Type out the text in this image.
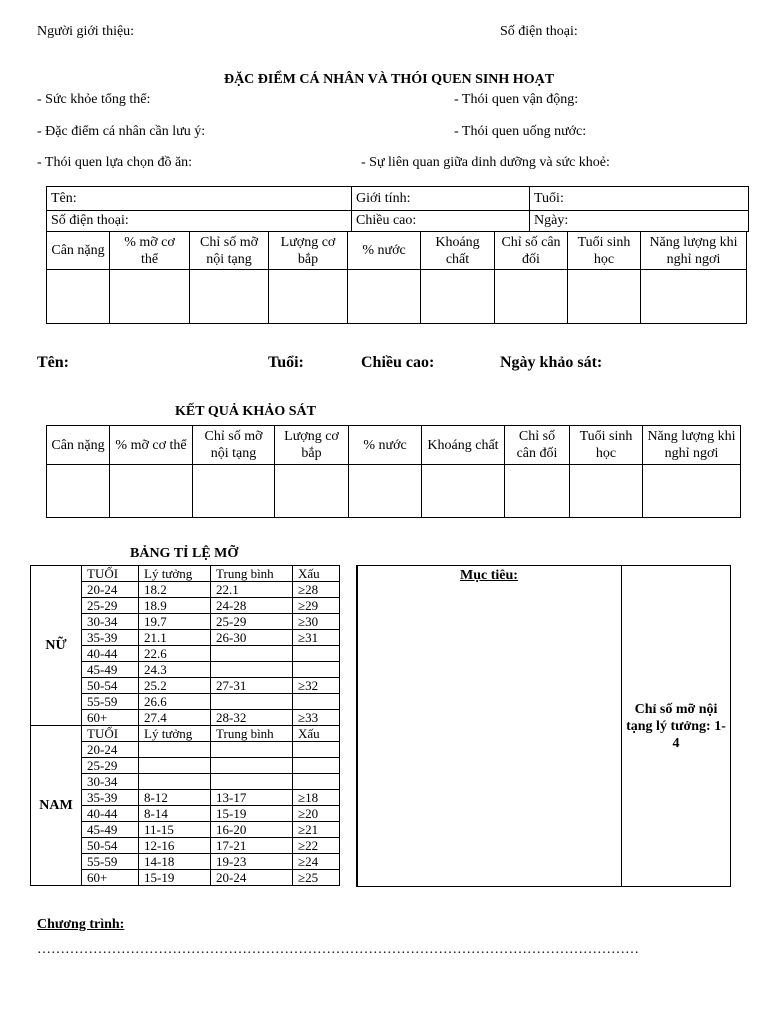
Người giới thiệu:	Số điện thoại:
ĐẶC ĐIỂM CÁ NHÂN VÀ THÓI QUEN SINH HOẠT
- Sức khỏe tổng thể:	- Thói quen vận động:
- Đặc điểm cá nhân cần lưu ý:	- Thói quen uống nước:
- Thói quen lựa chọn đồ ăn:	- Sự liên quan giữa dinh dưỡng và sức khoẻ:
Tên:	Giới tính:	Tuổi:
Số điện thoại:	Chiều cao:	Ngày:
Cân nặng	% mỡ cơ thể	Chỉ số mỡ nội tạng	Lượng cơ bắp	% nước	Khoáng chất	Chỉ số cân đối	Tuổi sinh học	Năng lượng khi nghỉ ngơi

Tên:	Tuổi:	Chiều cao:	Ngày khảo sát:
KẾT QUẢ KHẢO SÁT
Cân nặng	% mỡ cơ thể	Chỉ số mỡ nội tạng	Lượng cơ bắp	% nước	Khoáng chất	Chỉ số cân đối	Tuổi sinh học	Năng lượng khi nghỉ ngơi

BẢNG TỈ LỆ MỠ
NỮ	TUỔI	Lý tưởng	Trung bình	Xấu	
	20-24	18.2	22.1	≥28	
	25-29	18.9	24-28	≥29	
	30-34	19.7	25-29	≥30	
	35-39	21.1	26-30	≥31	
	40-44	22.6			
	45-49	24.3			
	50-54	25.2	27-31	≥32	
	55-59	26.6			
	60+	27.4	28-32	≥33	
NAM	TUỔI	Lý tưởng	Trung bình	Xấu	
	20-24				
	25-29				
	30-34				
	35-39	8-12	13-17	≥18	
	40-44	8-14	15-19	≥20	
	45-49	11-15	16-20	≥21	
	50-54	12-16	17-21	≥22	
	55-59	14-18	19-23	≥24	
	60+	15-19	20-24	≥25	
Mục tiêu:	Chỉ số mỡ nội tạng lý tưởng: 1-4
Chương trình:
…………………………………………………………………………………………………………………
